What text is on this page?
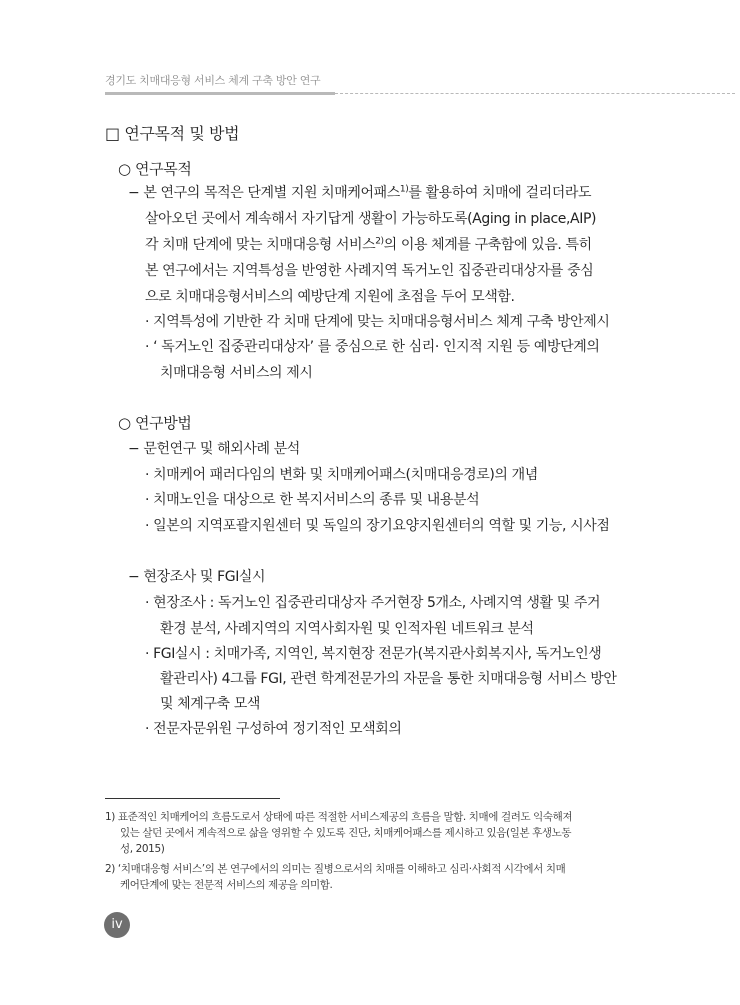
경기도 치매대응형 서비스 체계 구축 방안 연구
□ 연구목적 및 방법
○ 연구목적
− 본 연구의 목적은 단계별 지원 치매케어패스$^{1)}$를 활용하여 치매에 걸리더라도
살아오던 곳에서 계속해서 자기답게 생활이 가능하도록(Aging in place,AIP)
각 치매 단계에 맞는 치매대응형 서비스$^{2)}$의 이용 체계를 구축함에 있음. 특히
본 연구에서는 지역특성을 반영한 사례지역 독거노인 집중관리대상자를 중심
으로 치매대응형서비스의 예방단계 지원에 초점을 두어 모색함.
· 지역특성에 기반한 각 치매 단계에 맞는 치매대응형서비스 체계 구축 방안제시
· ‘ 독거노인 집중관리대상자’ 를 중심으로 한 심리· 인지적 지원 등 예방단계의
치매대응형 서비스의 제시
○ 연구방법
− 문헌연구 및 해외사례 분석
· 치매케어 패러다임의 변화 및 치매케어패스(치매대응경로)의 개념
· 치매노인을 대상으로 한 복지서비스의 종류 및 내용분석
· 일본의 지역포괄지원센터 및 독일의 장기요양지원센터의 역할 및 기능, 시사점
− 현장조사 및 FGI실시
· 현장조사 : 독거노인 집중관리대상자 주거현장 5개소, 사례지역 생활 및 주거
환경 분석, 사례지역의 지역사회자원 및 인적자원 네트워크 분석
· FGI실시 : 치매가족, 지역인, 복지현장 전문가(복지관사회복지사, 독거노인생
활관리사) 4그룹 FGI, 관련 학계전문가의 자문을 통한 치매대응형 서비스 방안
및 체계구축 모색
· 전문자문위원 구성하여 정기적인 모색회의
1) 표준적인 치매케어의 흐름도로서 상태에 따른 적절한 서비스제공의 흐름을 말함. 치매에 걸려도 익숙해져
있는 살던 곳에서 계속적으로 삶을 영위할 수 있도록 진단, 치매케어패스를 제시하고 있음(일본 후생노동
성, 2015)
2) ‘치매대응형 서비스’의 본 연구에서의 의미는 질병으로서의 치매를 이해하고 심리·사회적 시각에서 치매
케어단계에 맞는 전문적 서비스의 제공을 의미함.
iv
